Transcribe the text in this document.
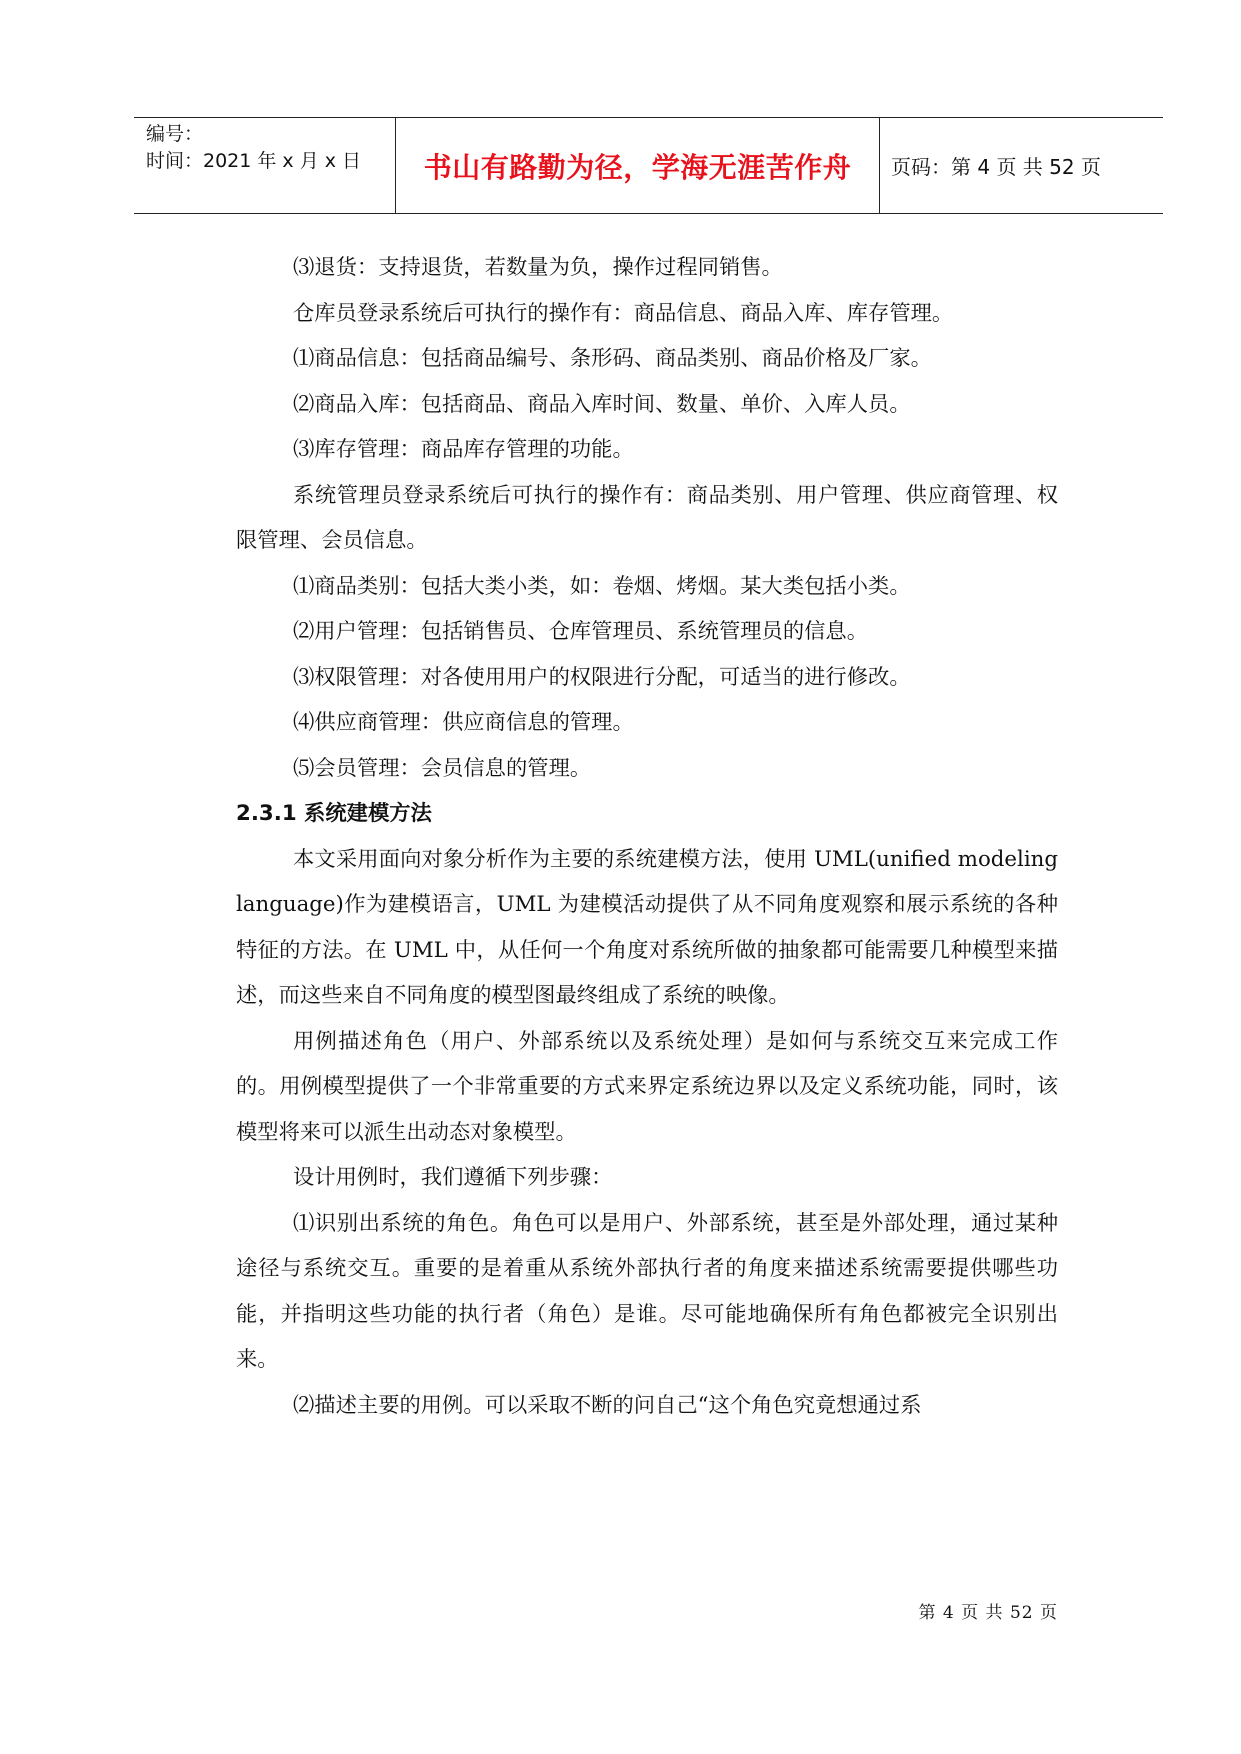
编号：
时间：2021 年 x 月 x 日	书山有路勤为径，学海无涯苦作舟	页码：第 4 页 共 52 页

⑶退货：支持退货，若数量为负，操作过程同销售。

仓库员登录系统后可执行的操作有：商品信息、商品入库、库存管理。

⑴商品信息：包括商品编号、条形码、商品类别、商品价格及厂家。

⑵商品入库：包括商品、商品入库时间、数量、单价、入库人员。

⑶库存管理：商品库存管理的功能。

系统管理员登录系统后可执行的操作有：商品类别、用户管理、供应商管理、权限管理、会员信息。

⑴商品类别：包括大类小类，如：卷烟、烤烟。某大类包括小类。

⑵用户管理：包括销售员、仓库管理员、系统管理员的信息。

⑶权限管理：对各使用用户的权限进行分配，可适当的进行修改。

⑷供应商管理：供应商信息的管理。

⑸会员管理：会员信息的管理。

2.3.1 系统建模方法

本文采用面向对象分析作为主要的系统建模方法，使用 UML(unified modeling language)作为建模语言，UML 为建模活动提供了从不同角度观察和展示系统的各种特征的方法。在 UML 中，从任何一个角度对系统所做的抽象都可能需要几种模型来描述，而这些来自不同角度的模型图最终组成了系统的映像。

用例描述角色（用户、外部系统以及系统处理）是如何与系统交互来完成工作的。用例模型提供了一个非常重要的方式来界定系统边界以及定义系统功能，同时，该模型将来可以派生出动态对象模型。

设计用例时，我们遵循下列步骤：

⑴识别出系统的角色。角色可以是用户、外部系统，甚至是外部处理，通过某种途径与系统交互。重要的是着重从系统外部执行者的角度来描述系统需要提供哪些功能，并指明这些功能的执行者（角色）是谁。尽可能地确保所有角色都被完全识别出来。

⑵描述主要的用例。可以采取不断的问自己“这个角色究竟想通过系

第 4 页 共 52 页
